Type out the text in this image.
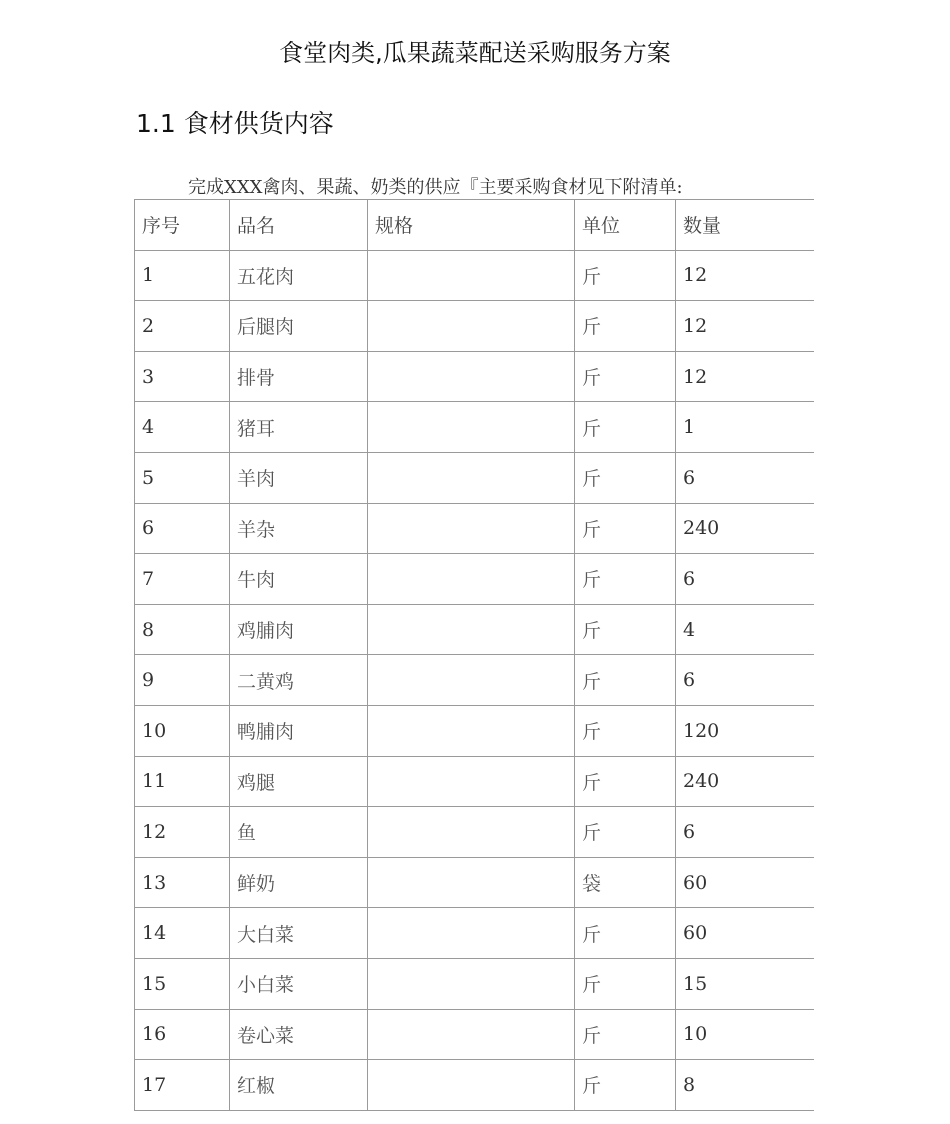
食堂肉类,瓜果蔬菜配送采购服务方案
1.1 食材供货内容
完成XXX禽肉、果蔬、奶类的供应『主要采购食材见下附清单:
序号	品名	规格	单位	数量
1	五花肉		斤	12
2	后腿肉		斤	12
3	排骨		斤	12
4	猪耳		斤	1
5	羊肉		斤	6
6	羊杂		斤	240
7	牛肉		斤	6
8	鸡脯肉		斤	4
9	二黄鸡		斤	6
10	鸭脯肉		斤	120
11	鸡腿		斤	240
12	鱼		斤	6
13	鲜奶		袋	60
14	大白菜		斤	60
15	小白菜		斤	15
16	卷心菜		斤	10
17	红椒		斤	8
